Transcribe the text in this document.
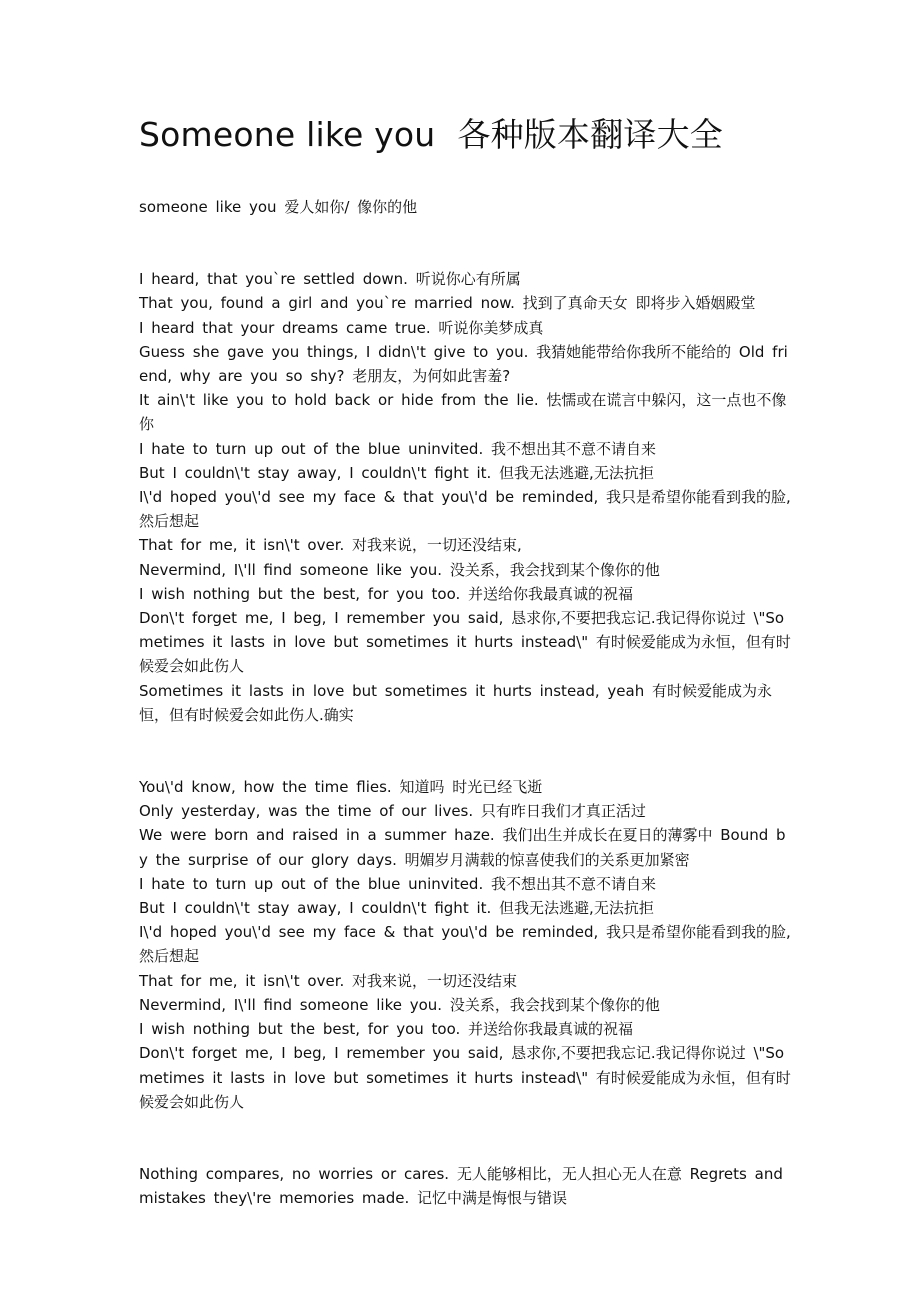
Someone like you 各种版本翻译大全

someone like you 爱人如你/ 像你的他

I heard, that you`re settled down. 听说你心有所属

That you, found a girl and you`re married now. 找到了真命天女 即将步入婚姻殿堂

I heard that your dreams came true. 听说你美梦成真

Guess she gave you things, I didn\'t give to you. 我猜她能带给你我所不能给的 Old friend, why are you so shy? 老朋友，为何如此害羞?

It ain\'t like you to hold back or hide from the lie. 怯懦或在谎言中躲闪，这一点也不像你

I hate to turn up out of the blue uninvited. 我不想出其不意不请自来

But I couldn\'t stay away, I couldn\'t fight it. 但我无法逃避,无法抗拒

I\'d hoped you\'d see my face & that you\'d be reminded, 我只是希望你能看到我的脸,然后想起

That for me, it isn\'t over. 对我来说，一切还没结束,

Nevermind, I\'ll find someone like you. 没关系，我会找到某个像你的他

I wish nothing but the best, for you too. 并送给你我最真诚的祝福

Don\'t forget me, I beg, I remember you said, 恳求你,不要把我忘记.我记得你说过 \"Sometimes it lasts in love but sometimes it hurts instead\" 有时候爱能成为永恒，但有时候爱会如此伤人

Sometimes it lasts in love but sometimes it hurts instead, yeah 有时候爱能成为永恒，但有时候爱会如此伤人.确实

You\'d know, how the time flies. 知道吗 时光已经飞逝

Only yesterday, was the time of our lives. 只有昨日我们才真正活过

We were born and raised in a summer haze. 我们出生并成长在夏日的薄雾中 Bound by the surprise of our glory days. 明媚岁月满载的惊喜使我们的关系更加紧密

I hate to turn up out of the blue uninvited. 我不想出其不意不请自来

But I couldn\'t stay away, I couldn\'t fight it. 但我无法逃避,无法抗拒

I\'d hoped you\'d see my face & that you\'d be reminded, 我只是希望你能看到我的脸,然后想起

That for me, it isn\'t over. 对我来说，一切还没结束

Nevermind, I\'ll find someone like you. 没关系，我会找到某个像你的他

I wish nothing but the best, for you too. 并送给你我最真诚的祝福

Don\'t forget me, I beg, I remember you said, 恳求你,不要把我忘记.我记得你说过 \"Sometimes it lasts in love but sometimes it hurts instead\" 有时候爱能成为永恒，但有时候爱会如此伤人

Nothing compares, no worries or cares. 无人能够相比，无人担心无人在意 Regrets and mistakes they\'re memories made. 记忆中满是悔恨与错误
